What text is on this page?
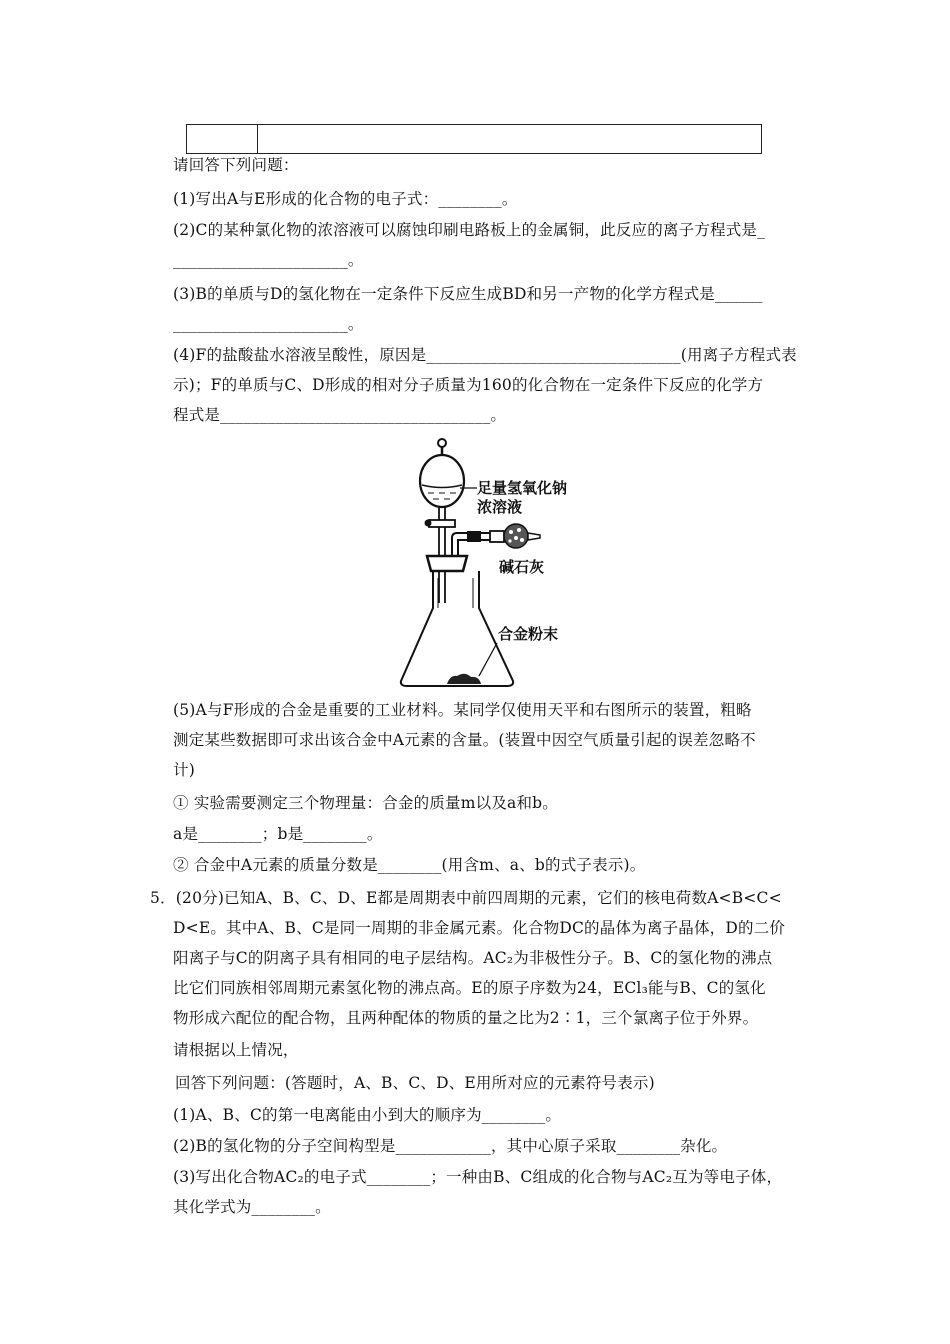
请回答下列问题：
(1)写出A与E形成的化合物的电子式：________。
(2)C的某种氯化物的浓溶液可以腐蚀印刷电路板上的金属铜，此反应的离子方程式是_
______________________。
(3)B的单质与D的氢化物在一定条件下反应生成BD和另一产物的化学方程式是______
______________________。
(4)F的盐酸盐水溶液呈酸性，原因是________________________________(用离子方程式表
示)；F的单质与C、D形成的相对分子质量为160的化合物在一定条件下反应的化学方
程式是__________________________________。
(5)A与F形成的合金是重要的工业材料。某同学仅使用天平和右图所示的装置，粗略
测定某些数据即可求出该合金中A元素的含量。(装置中因空气质量引起的误差忽略不
计)
① 实验需要测定三个物理量：合金的质量m以及a和b。
a是________；b是________。
② 合金中A元素的质量分数是________(用含m、a、b的式子表示)。
5．(20分)已知A、B、C、D、E都是周期表中前四周期的元素，它们的核电荷数A<B<C<
D<E。其中A、B、C是同一周期的非金属元素。化合物DC的晶体为离子晶体，D的二价
阳离子与C的阴离子具有相同的电子层结构。AC₂为非极性分子。B、C的氢化物的沸点
比它们同族相邻周期元素氢化物的沸点高。E的原子序数为24，ECl₃能与B、C的氢化
物形成六配位的配合物，且两种配体的物质的量之比为2∶1，三个氯离子位于外界。
请根据以上情况，
回答下列问题：(答题时，A、B、C、D、E用所对应的元素符号表示)
(1)A、B、C的第一电离能由小到大的顺序为________。
(2)B的氢化物的分子空间构型是____________，其中心原子采取________杂化。
(3)写出化合物AC₂的电子式________；一种由B、C组成的化合物与AC₂互为等电子体，
其化学式为________。
足量氢氧化钠
浓溶液
碱石灰
合金粉末
